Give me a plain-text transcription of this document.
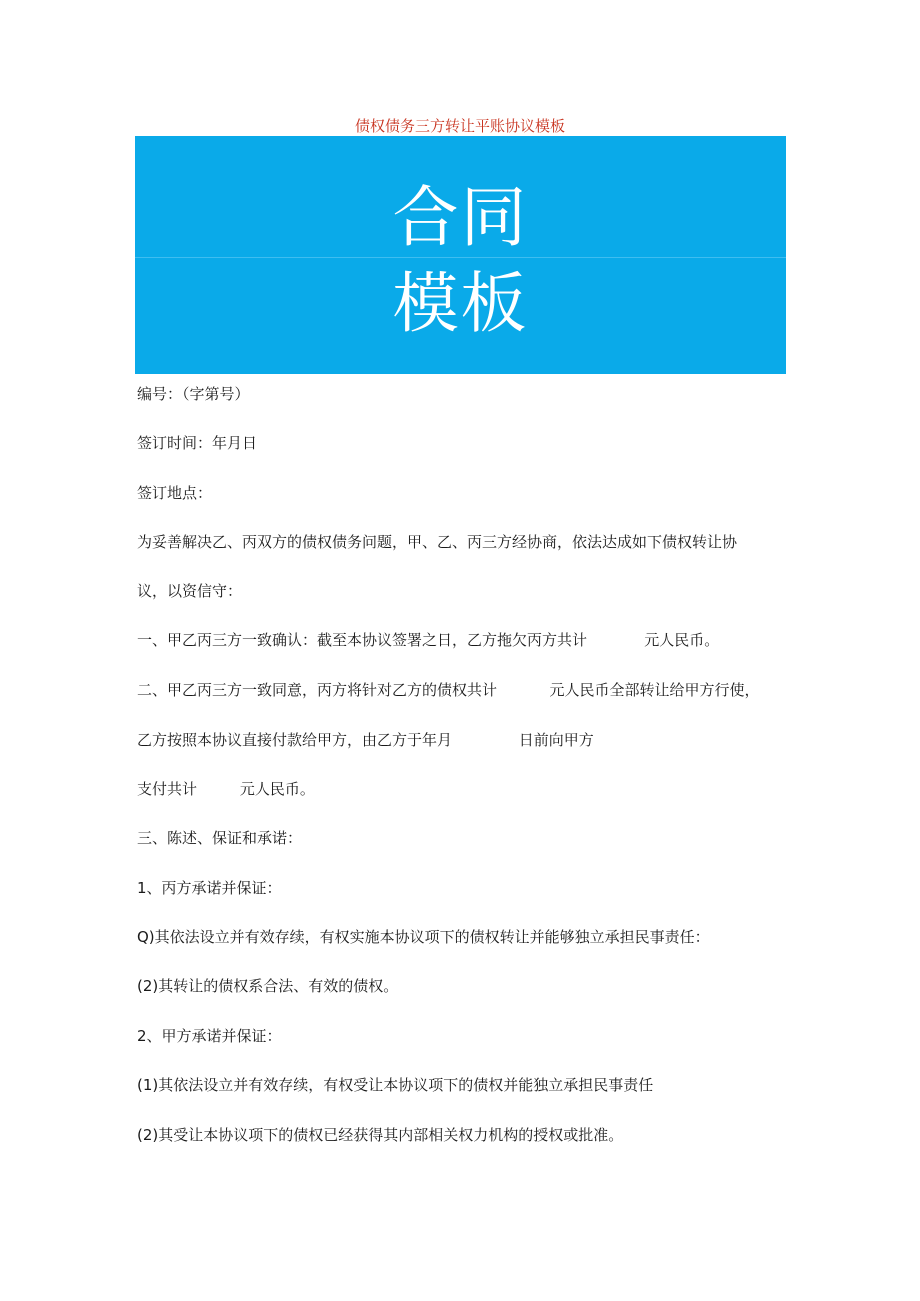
债权债务三方转让平账协议模板
合同
模板
编号：（字第号）
签订时间：年月日
签订地点：
为妥善解决乙、丙双方的债权债务问题，甲、乙、丙三方经协商，依法达成如下债权转让协
议，以资信守：
一、甲乙丙三方一致确认：截至本协议签署之日，乙方拖欠丙方共计            元人民币。
二、甲乙丙三方一致同意，丙方将针对乙方的债权共计           元人民币全部转让给甲方行使，
乙方按照本协议直接付款给甲方，由乙方于年月              日前向甲方
支付共计         元人民币。
三、陈述、保证和承诺：
1、丙方承诺并保证：
Q)其依法设立并有效存续，有权实施本协议项下的债权转让并能够独立承担民事责任：
(2)其转让的债权系合法、有效的债权。
2、甲方承诺并保证：
(1)其依法设立并有效存续，有权受让本协议项下的债权并能独立承担民事责任
(2)其受让本协议项下的债权已经获得其内部相关权力机构的授权或批准。
